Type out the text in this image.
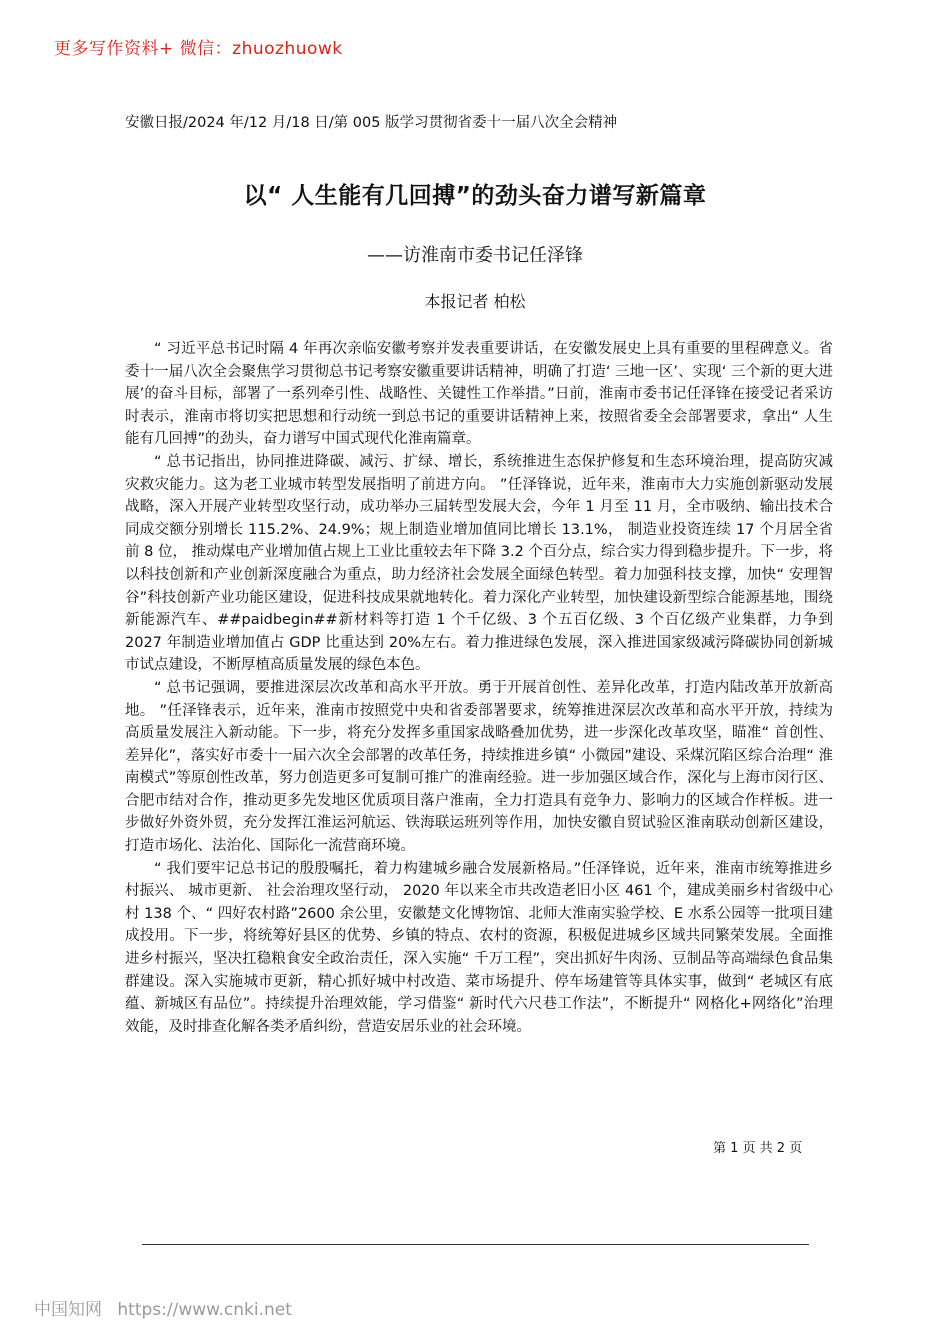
更多写作资料+ 微信：zhuozhuowk
安徽日报/2024 年/12 月/18 日/第 005 版学习贯彻省委十一届八次全会精神
以“ 人生能有几回搏”的劲头奋力谱写新篇章
——访淮南市委书记任泽锋
本报记者 柏松

“ 习近平总书记时隔 4 年再次亲临安徽考察并发表重要讲话，在安徽发展史上具有重要的里程碑意义。省委十一届八次全会聚焦学习贯彻总书记考察安徽重要讲话精神，明确了打造‘ 三地一区’、实现‘ 三个新的更大进展’的奋斗目标，部署了一系列牵引性、战略性、关键性工作举措。”日前，淮南市委书记任泽锋在接受记者采访时表示，淮南市将切实把思想和行动统一到总书记的重要讲话精神上来，按照省委全会部署要求，拿出“ 人生能有几回搏”的劲头，奋力谱写中国式现代化淮南篇章。

“ 总书记指出，协同推进降碳、减污、扩绿、增长，系统推进生态保护修复和生态环境治理，提高防灾减灾救灾能力。这为老工业城市转型发展指明了前进方向。 ”任泽锋说，近年来，淮南市大力实施创新驱动发展战略，深入开展产业转型攻坚行动，成功举办三届转型发展大会，今年 1 月至 11 月，全市吸纳、输出技术合同成交额分别增长 115.2%、24.9%；规上制造业增加值同比增长 13.1%， 制造业投资连续 17 个月居全省前 8 位， 推动煤电产业增加值占规上工业比重较去年下降 3.2 个百分点，综合实力得到稳步提升。下一步，将以科技创新和产业创新深度融合为重点，助力经济社会发展全面绿色转型。着力加强科技支撑，加快“ 安理智谷”科技创新产业功能区建设，促进科技成果就地转化。着力深化产业转型，加快建设新型综合能源基地，围绕新能源汽车、##paidbegin##新材料等打造 1 个千亿级、3 个五百亿级、3 个百亿级产业集群，力争到 2027 年制造业增加值占 GDP 比重达到 20%左右。着力推进绿色发展，深入推进国家级减污降碳协同创新城市试点建设，不断厚植高质量发展的绿色本色。

“ 总书记强调，要推进深层次改革和高水平开放。勇于开展首创性、差异化改革，打造内陆改革开放新高地。 ”任泽锋表示，近年来，淮南市按照党中央和省委部署要求，统筹推进深层次改革和高水平开放，持续为高质量发展注入新动能。下一步，将充分发挥多重国家战略叠加优势，进一步深化改革攻坚，瞄准“ 首创性、差异化”，落实好市委十一届六次全会部署的改革任务，持续推进乡镇“ 小微园”建设、采煤沉陷区综合治理“ 淮南模式”等原创性改革，努力创造更多可复制可推广的淮南经验。进一步加强区域合作，深化与上海市闵行区、合肥市结对合作，推动更多先发地区优质项目落户淮南，全力打造具有竞争力、影响力的区域合作样板。进一步做好外资外贸，充分发挥江淮运河航运、铁海联运班列等作用，加快安徽自贸试验区淮南联动创新区建设，打造市场化、法治化、国际化一流营商环境。

“ 我们要牢记总书记的殷殷嘱托，着力构建城乡融合发展新格局。”任泽锋说，近年来，淮南市统筹推进乡村振兴、 城市更新、 社会治理攻坚行动， 2020 年以来全市共改造老旧小区 461 个，建成美丽乡村省级中心村 138 个、“ 四好农村路”2600 余公里，安徽楚文化博物馆、北师大淮南实验学校、E 水系公园等一批项目建成投用。下一步，将统筹好县区的优势、乡镇的特点、农村的资源，积极促进城乡区域共同繁荣发展。全面推进乡村振兴，坚决扛稳粮食安全政治责任，深入实施“ 千万工程”，突出抓好牛肉汤、豆制品等高端绿色食品集群建设。深入实施城市更新，精心抓好城中村改造、菜市场提升、停车场建管等具体实事，做到“ 老城区有底蕴、新城区有品位”。持续提升治理效能，学习借鉴“ 新时代六尺巷工作法”，不断提升“ 网格化+网络化”治理效能，及时排查化解各类矛盾纠纷，营造安居乐业的社会环境。

第 1 页 共 2 页
中国知网 https://www.cnki.net
